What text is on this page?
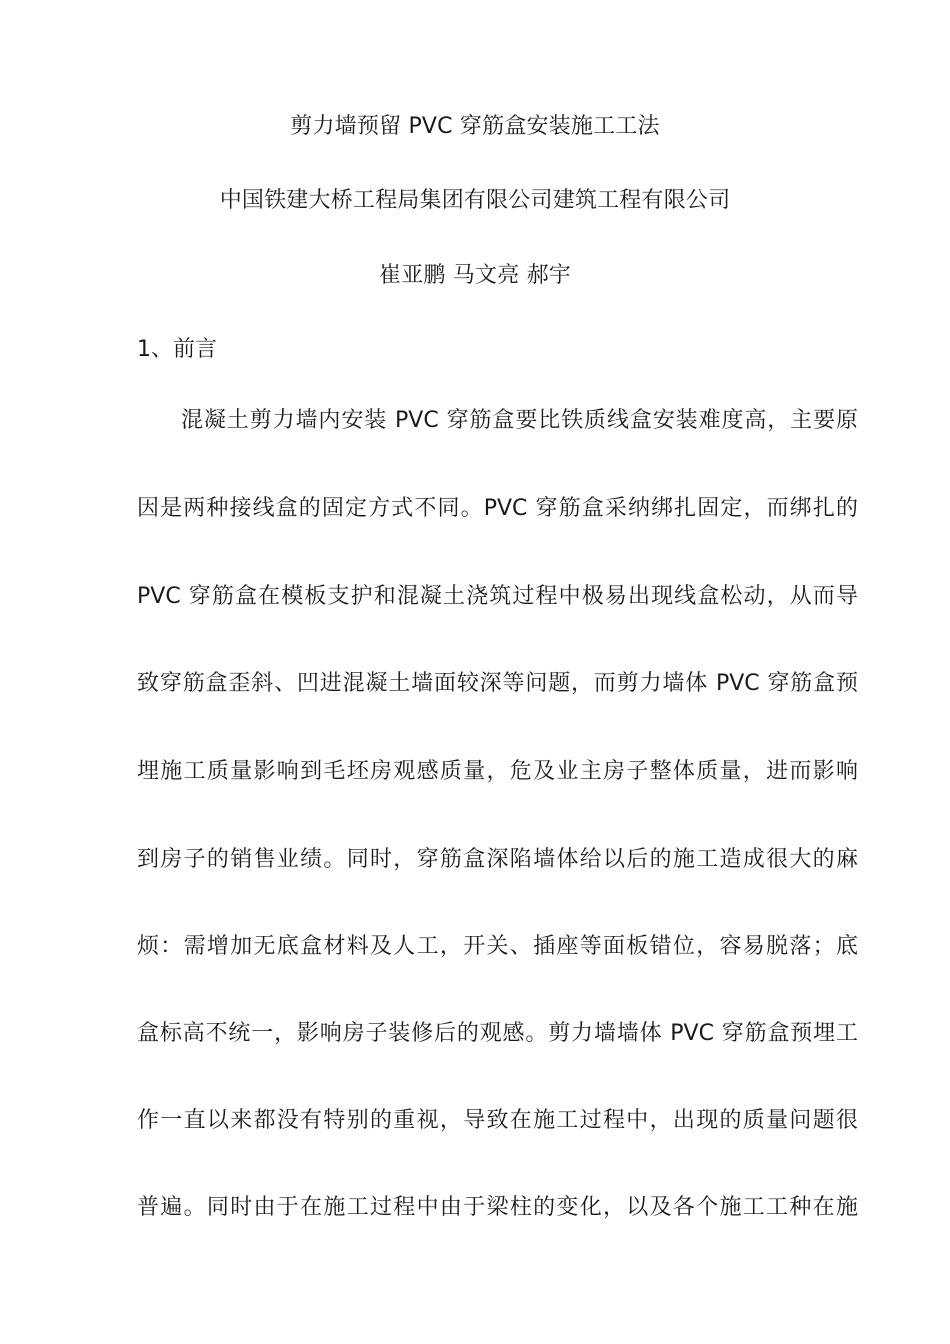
剪力墙预留 PVC 穿筋盒安装施工工法
中国铁建大桥工程局集团有限公司建筑工程有限公司
崔亚鹏 马文亮 郝宇
1、前言
混凝土剪力墙内安装 PVC 穿筋盒要比铁质线盒安装难度高，主要原
因是两种接线盒的固定方式不同。PVC 穿筋盒采纳绑扎固定，而绑扎的
PVC 穿筋盒在模板支护和混凝土浇筑过程中极易出现线盒松动，从而导
致穿筋盒歪斜、凹进混凝土墙面较深等问题，而剪力墙体 PVC 穿筋盒预
埋施工质量影响到毛坯房观感质量，危及业主房子整体质量，进而影响
到房子的销售业绩。同时，穿筋盒深陷墙体给以后的施工造成很大的麻
烦：需增加无底盒材料及人工，开关、插座等面板错位，容易脱落；底
盒标高不统一，影响房子装修后的观感。剪力墙墙体 PVC 穿筋盒预埋工
作一直以来都没有特别的重视，导致在施工过程中，出现的质量问题很
普遍。同时由于在施工过程中由于梁柱的变化，以及各个施工工种在施
